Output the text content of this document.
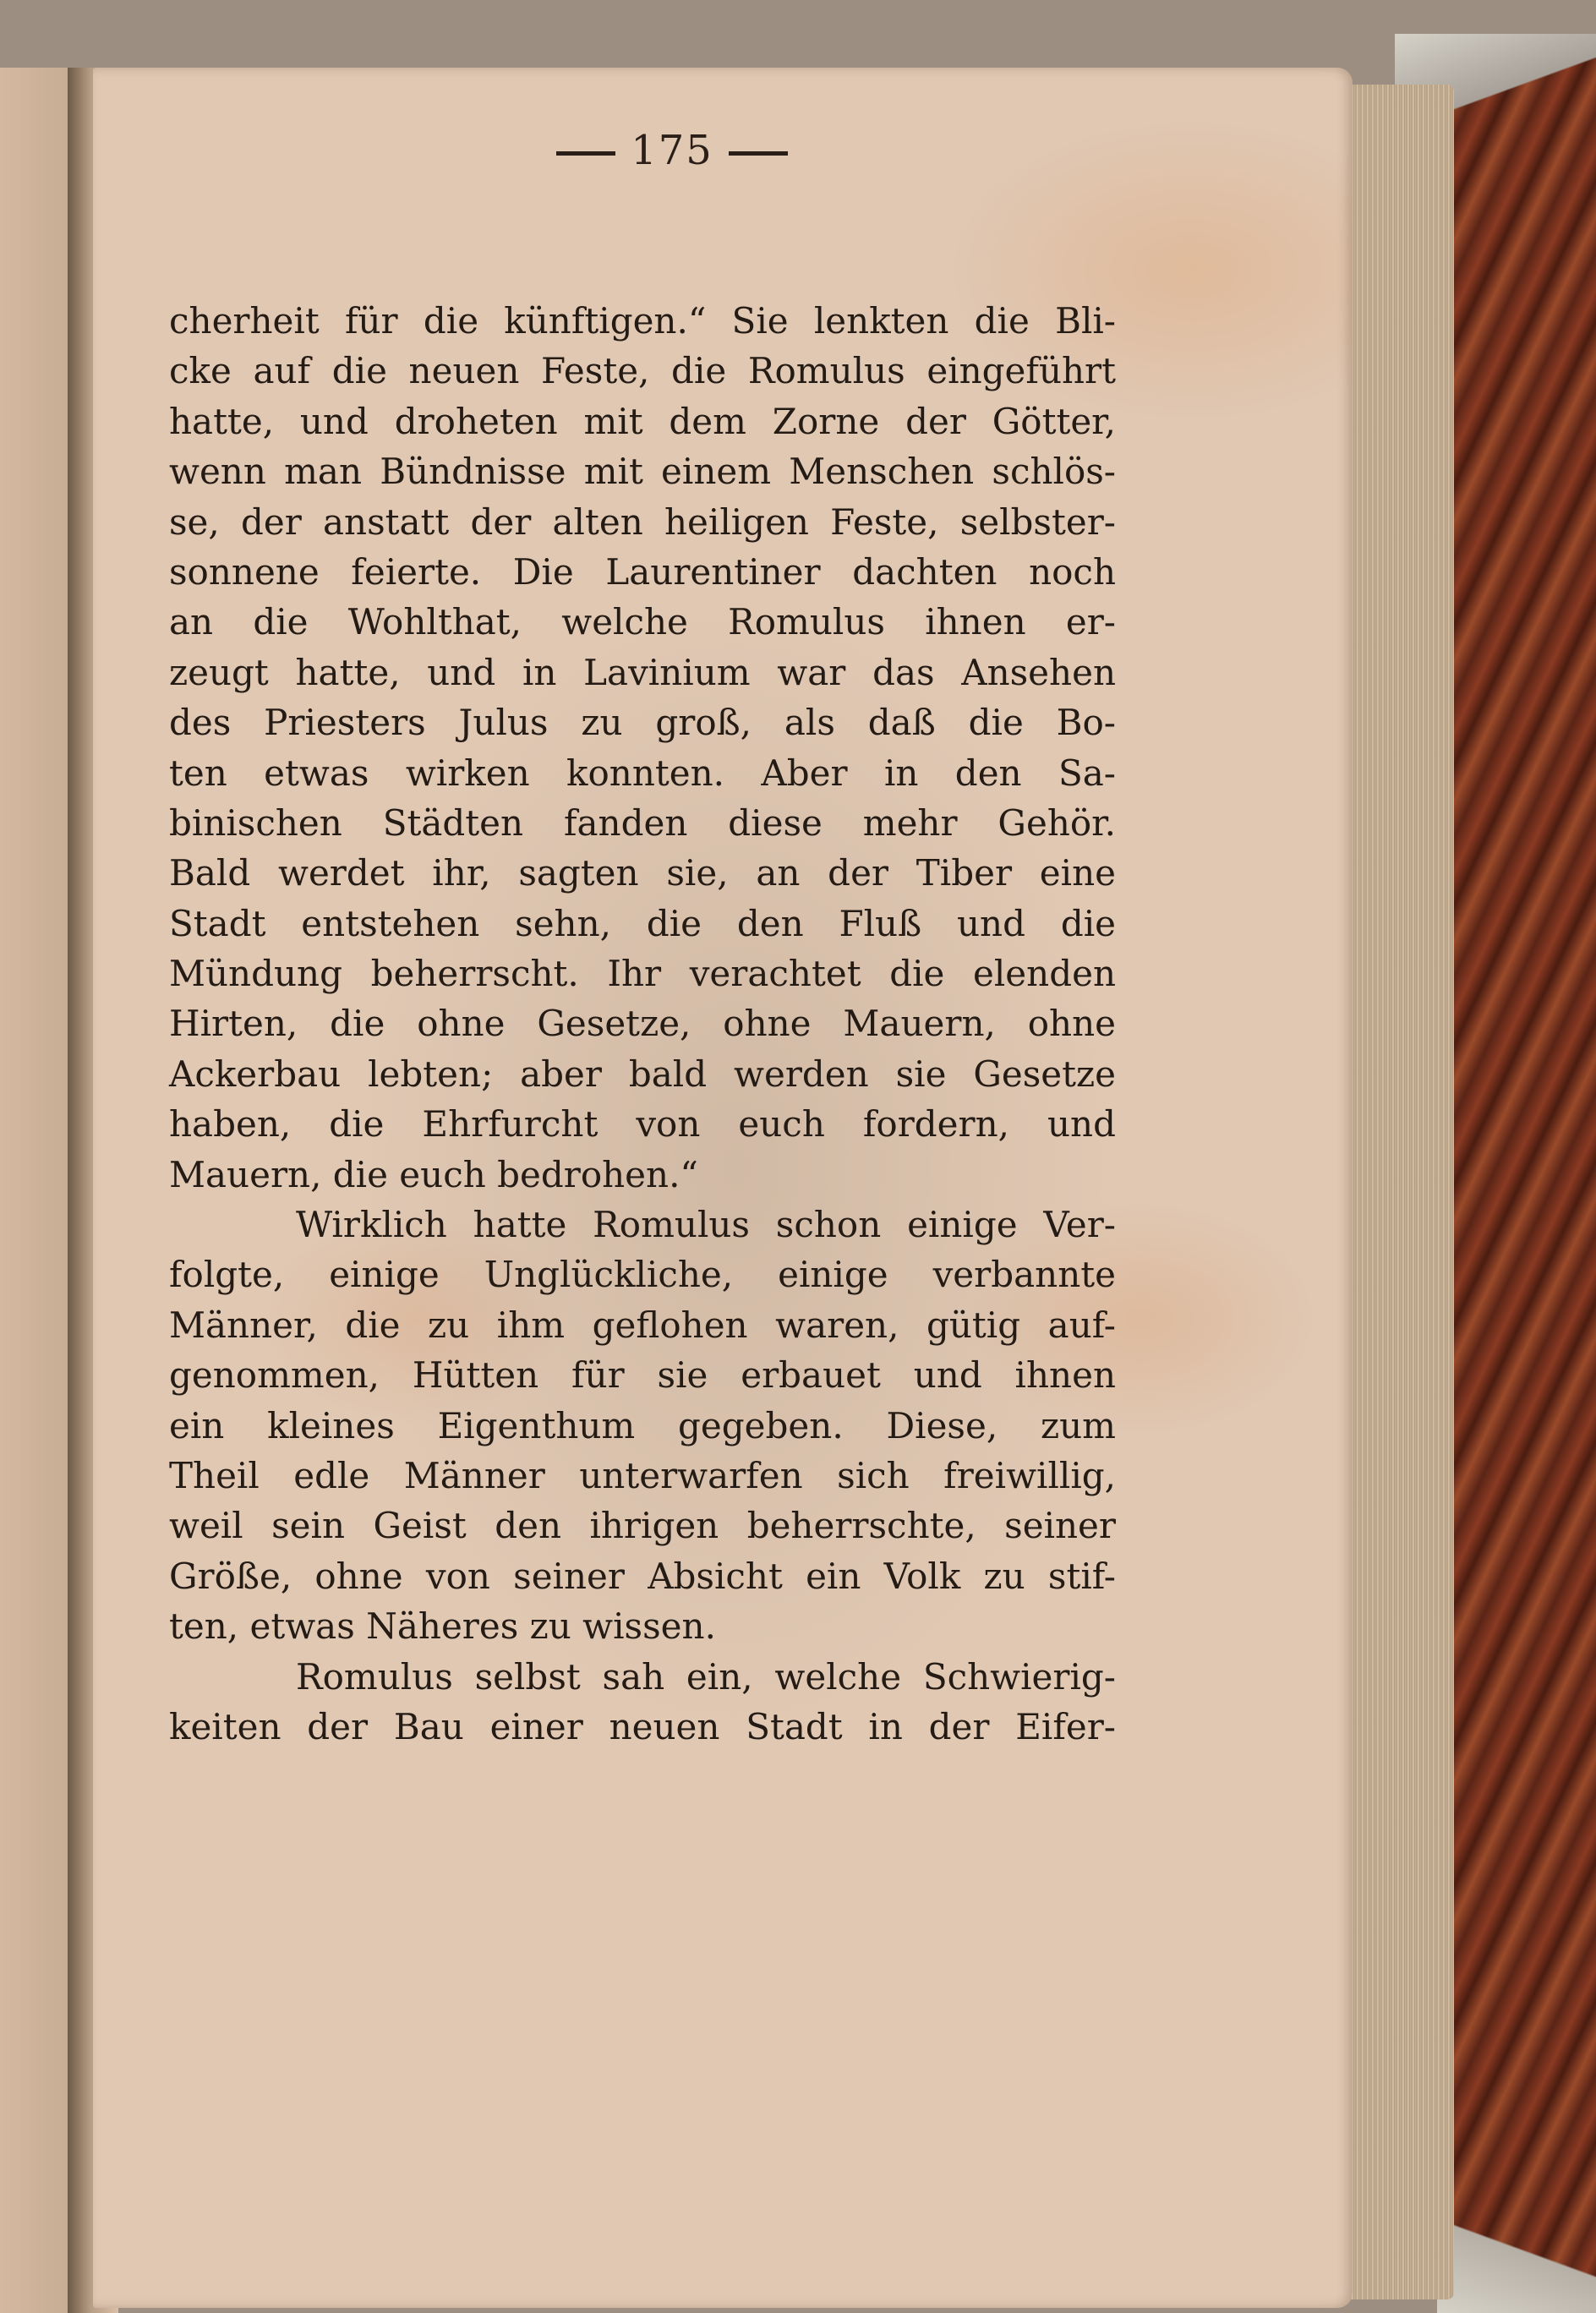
175
cherheit für die künftigen.“ Sie lenkten die Bli-
cke auf die neuen Feste, die Romulus eingeführt
hatte, und droheten mit dem Zorne der Götter,
wenn man Bündnisse mit einem Menschen schlös-
se, der anstatt der alten heiligen Feste, selbster-
sonnene feierte. Die Laurentiner dachten noch
an die Wohlthat, welche Romulus ihnen er-
zeugt hatte, und in Lavinium war das Ansehen
des Priesters Julus zu groß, als daß die Bo-
ten etwas wirken konnten. Aber in den Sa-
binischen Städten fanden diese mehr Gehör.
Bald werdet ihr, sagten sie, an der Tiber eine
Stadt entstehen sehn, die den Fluß und die
Mündung beherrscht. Ihr verachtet die elenden
Hirten, die ohne Gesetze, ohne Mauern, ohne
Ackerbau lebten; aber bald werden sie Gesetze
haben, die Ehrfurcht von euch fordern, und
Mauern, die euch bedrohen.“
Wirklich hatte Romulus schon einige Ver-
folgte, einige Unglückliche, einige verbannte
Männer, die zu ihm geflohen waren, gütig auf-
genommen, Hütten für sie erbauet und ihnen
ein kleines Eigenthum gegeben. Diese, zum
Theil edle Männer unterwarfen sich freiwillig,
weil sein Geist den ihrigen beherrschte, seiner
Größe, ohne von seiner Absicht ein Volk zu stif-
ten, etwas Näheres zu wissen.
Romulus selbst sah ein, welche Schwierig-
keiten der Bau einer neuen Stadt in der Eifer-
